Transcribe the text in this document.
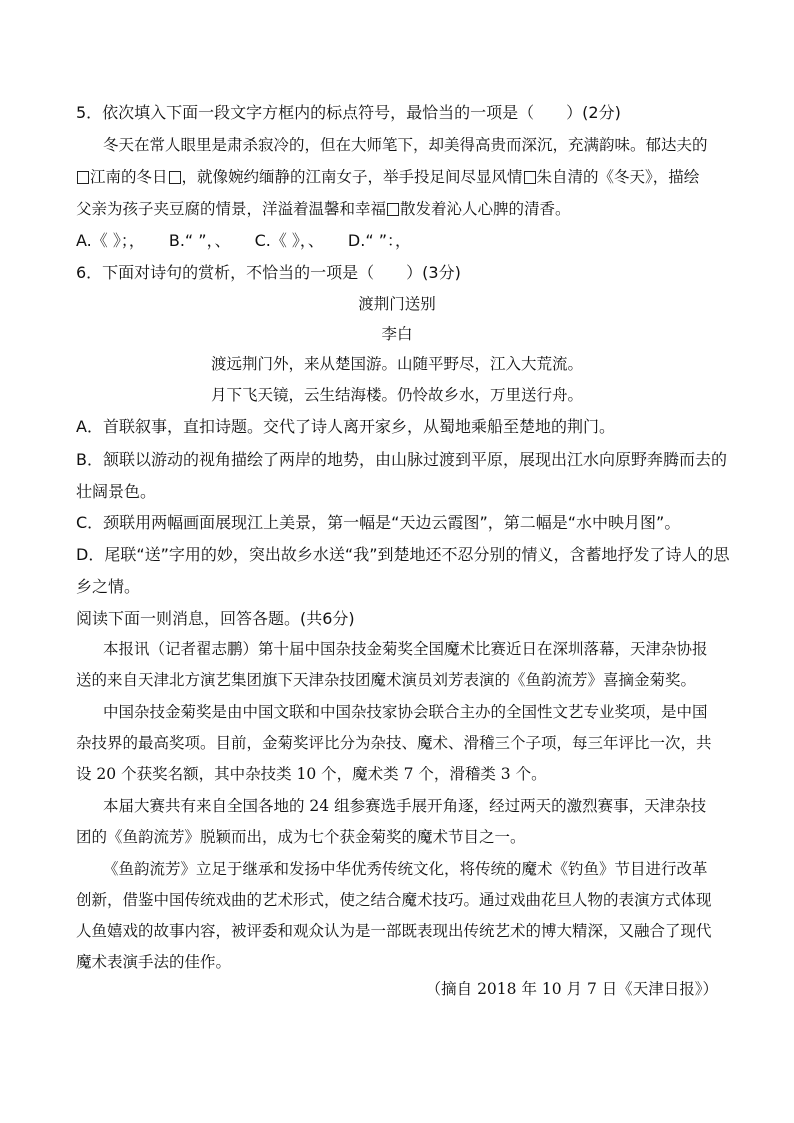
5．依次填入下面一段文字方框内的标点符号，最恰当的一项是（　　）(2分)
冬天在常人眼里是肃杀寂冷的，但在大师笔下，却美得高贵而深沉，充满韵味。郁达夫的
江南的冬日 ，就像婉约缅静的江南女子，举手投足间尽显风情 朱自清的《冬天》，描绘
父亲为孩子夹豆腐的情景，洋溢着温馨和幸福 散发着沁人心脾的清香。
A.《 》；，　　B.“ ”，、　　C.《 》，、　　D.“ ”：，
6．下面对诗句的赏析，不恰当的一项是（　　）(3分)
渡荆门送别
李白
渡远荆门外，来从楚国游。山随平野尽，江入大荒流。
月下飞天镜，云生结海楼。仍怜故乡水，万里送行舟。
A．首联叙事，直扣诗题。交代了诗人离开家乡，从蜀地乘船至楚地的荆门。
B．颔联以游动的视角描绘了两岸的地势，由山脉过渡到平原，展现出江水向原野奔腾而去的
壮阔景色。
C．颈联用两幅画面展现江上美景，第一幅是“天边云霞图”，第二幅是“水中映月图”。
D．尾联“送”字用的妙，突出故乡水送“我”到楚地还不忍分别的情义，含蓄地抒发了诗人的思
乡之情。
阅读下面一则消息，回答各题。(共6分)
本报讯（记者翟志鹏）第十届中国杂技金菊奖全国魔术比赛近日在深圳落幕，天津杂协报
送的来自天津北方演艺集团旗下天津杂技团魔术演员刘芳表演的《鱼韵流芳》喜摘金菊奖。
中国杂技金菊奖是由中国文联和中国杂技家协会联合主办的全国性文艺专业奖项，是中国
杂技界的最高奖项。目前，金菊奖评比分为杂技、魔术、滑稽三个子项，每三年评比一次，共
设 20 个获奖名额，其中杂技类 10 个，魔术类 7 个，滑稽类 3 个。
本届大赛共有来自全国各地的 24 组参赛选手展开角逐，经过两天的激烈赛事，天津杂技
团的《鱼韵流芳》脱颖而出，成为七个获金菊奖的魔术节目之一。
《鱼韵流芳》立足于继承和发扬中华优秀传统文化，将传统的魔术《钓鱼》节目进行改革
创新，借鉴中国传统戏曲的艺术形式，使之结合魔术技巧。通过戏曲花旦人物的表演方式体现
人鱼嬉戏的故事内容，被评委和观众认为是一部既表现出传统艺术的博大精深，又融合了现代
魔术表演手法的佳作。
（摘自 2018 年 10 月 7 日《天津日报》）
